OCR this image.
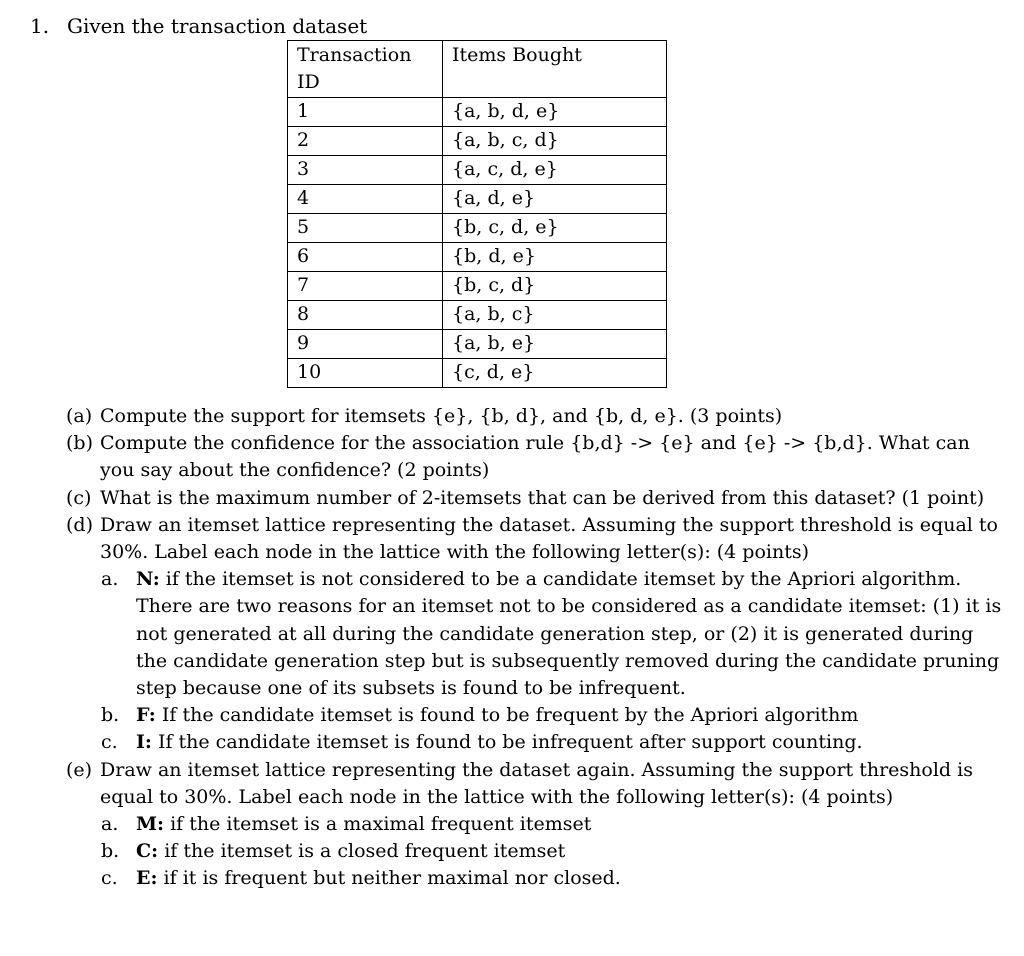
1. Given the transaction dataset
Transaction ID	Items Bought
1	{a, b, d, e}
2	{a, b, c, d}
3	{a, c, d, e}
4	{a, d, e}
5	{b, c, d, e}
6	{b, d, e}
7	{b, c, d}
8	{a, b, c}
9	{a, b, e}
10	{c, d, e}
(a) Compute the support for itemsets {e}, {b, d}, and {b, d, e}. (3 points)
(b) Compute the confidence for the association rule {b,d} -> {e} and {e} -> {b,d}. What can you say about the confidence? (2 points)
(c) What is the maximum number of 2-itemsets that can be derived from this dataset? (1 point)
(d) Draw an itemset lattice representing the dataset. Assuming the support threshold is equal to 30%. Label each node in the lattice with the following letter(s): (4 points)
a. N: if the itemset is not considered to be a candidate itemset by the Apriori algorithm. There are two reasons for an itemset not to be considered as a candidate itemset: (1) it is not generated at all during the candidate generation step, or (2) it is generated during the candidate generation step but is subsequently removed during the candidate pruning step because one of its subsets is found to be infrequent.
b. F: If the candidate itemset is found to be frequent by the Apriori algorithm
c. I: If the candidate itemset is found to be infrequent after support counting.
(e) Draw an itemset lattice representing the dataset again. Assuming the support threshold is equal to 30%. Label each node in the lattice with the following letter(s): (4 points)
a. M: if the itemset is a maximal frequent itemset
b. C: if the itemset is a closed frequent itemset
c. E: if it is frequent but neither maximal nor closed.
